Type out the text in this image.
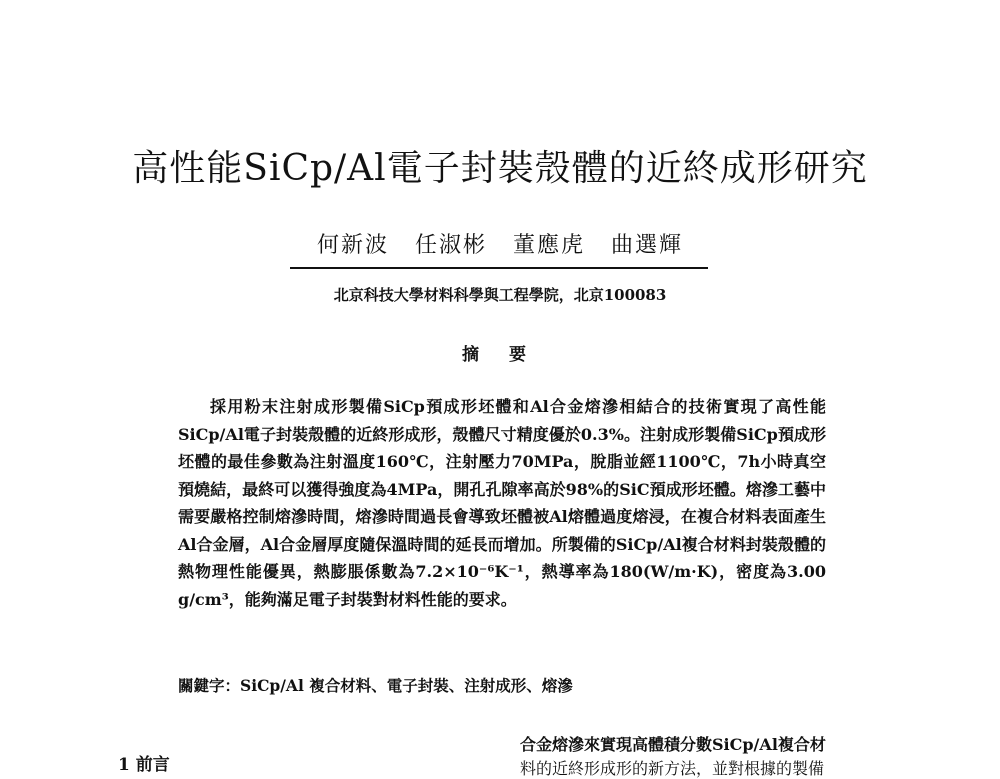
高性能SiCp/Al電子封裝殼體的近終成形研究
何新波 任淑彬 董應虎 曲選輝
北京科技大學材料科學與工程學院，北京100083
摘 要

採用粉末注射成形製備SiCp預成形坯體和Al合金熔滲相結合的技術實現了高性能SiCp/Al電子封裝殼體的近終形成形，殼體尺寸精度優於0.3%。注射成形製備SiCp預成形坯體的最佳參數為注射溫度160℃，注射壓力70MPa，脫脂並經1100℃，7h小時真空預燒結，最終可以獲得強度為4MPa，開孔孔隙率高於98%的SiC預成形坯體。熔滲工藝中需要嚴格控制熔滲時間，熔滲時間過長會導致坯體被Al熔體過度熔浸，在複合材料表面產生Al合金層，Al合金層厚度隨保溫時間的延長而增加。所製備的SiCp/Al複合材料封裝殼體的熱物理性能優異，熱膨脹係數為7.2×10⁻⁶K⁻¹，熱導率為180(W/m·K)，密度為3.00 g/cm³，能夠滿足電子封裝對材料性能的要求。

關鍵字：SiCp/Al 複合材料、電子封裝、注射成形、熔滲
合金熔滲來實現高體積分數SiCp/Al複合材
料的近終形成形的新方法，並對根據的製備
1 前言
